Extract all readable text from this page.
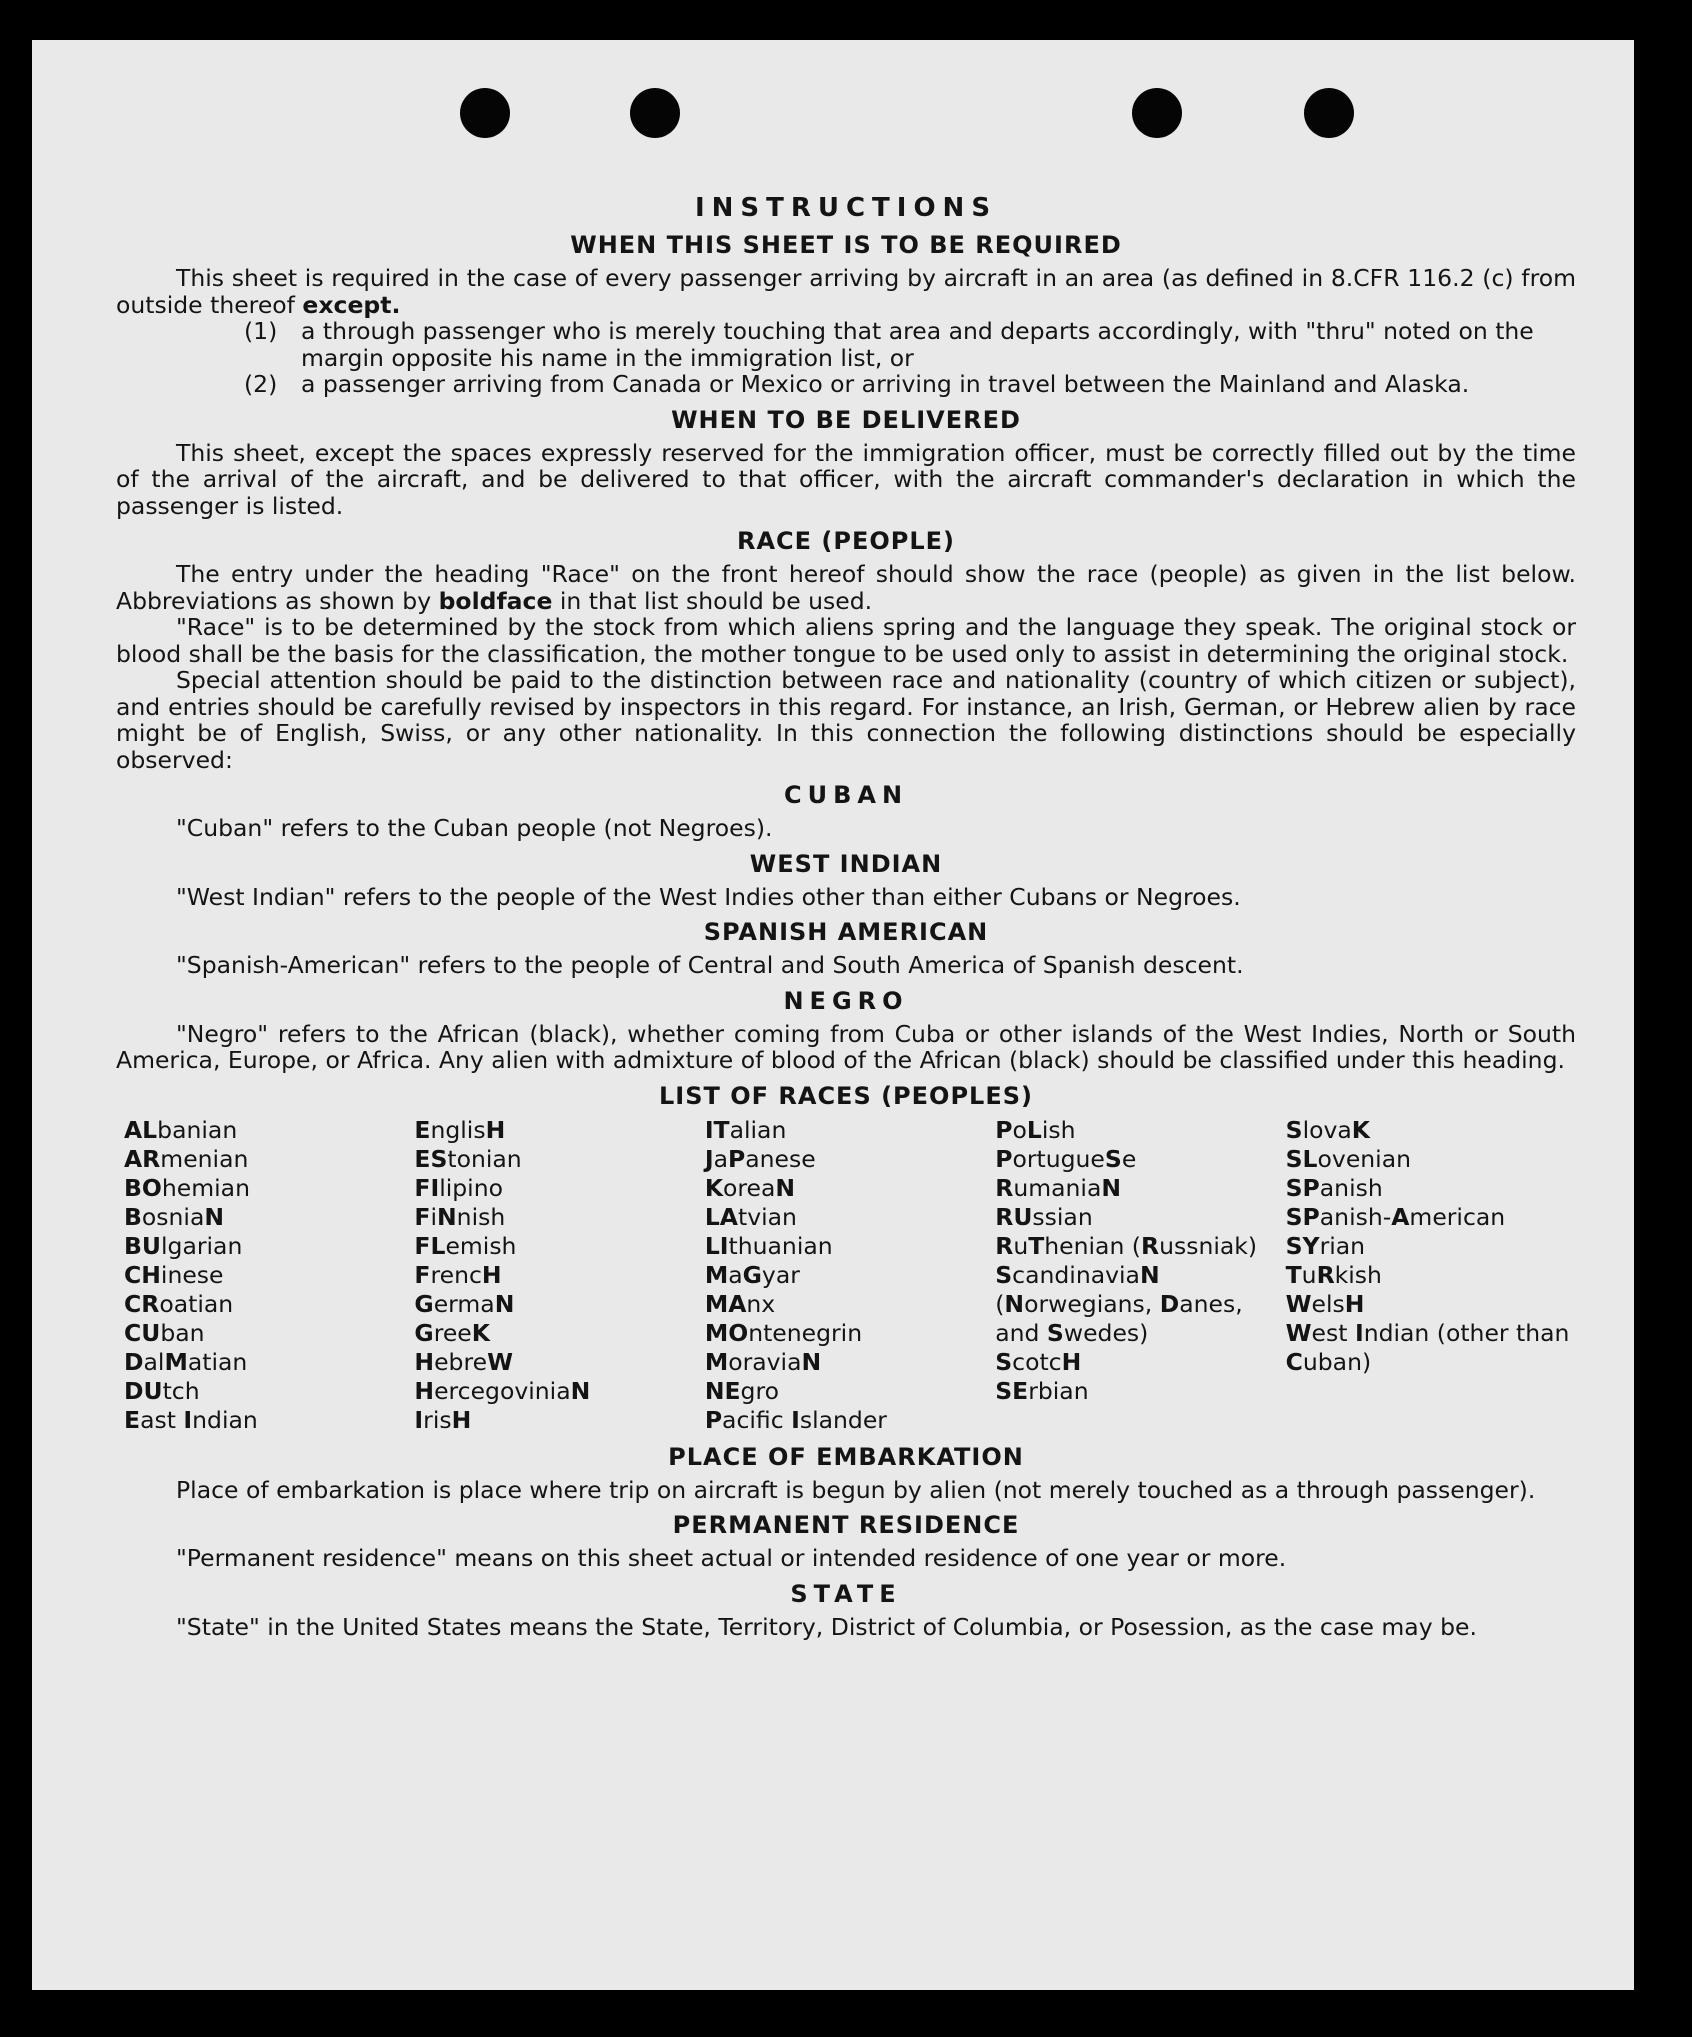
INSTRUCTIONS
WHEN THIS SHEET IS TO BE REQUIRED

This sheet is required in the case of every passenger arriving by aircraft in an area (as defined in 8.CFR 116.2 (c) from outside thereof except.

(1) a through passenger who is merely touching that area and departs accordingly, with "thru" noted on the margin opposite his name in the immigration list, or
(2) a passenger arriving from Canada or Mexico or arriving in travel between the Mainland and Alaska.
WHEN TO BE DELIVERED

This sheet, except the spaces expressly reserved for the immigration officer, must be correctly filled out by the time of the arrival of the aircraft, and be delivered to that officer, with the aircraft commander's declaration in which the passenger is listed.

RACE (PEOPLE)

The entry under the heading "Race" on the front hereof should show the race (people) as given in the list below. Abbreviations as shown by boldface in that list should be used.

"Race" is to be determined by the stock from which aliens spring and the language they speak. The original stock or blood shall be the basis for the classification, the mother tongue to be used only to assist in determining the original stock.

Special attention should be paid to the distinction between race and nationality (country of which citizen or subject), and entries should be carefully revised by inspectors in this regard. For instance, an Irish, German, or Hebrew alien by race might be of English, Swiss, or any other nationality. In this connection the following distinctions should be especially observed:

CUBAN

"Cuban" refers to the Cuban people (not Negroes).

WEST INDIAN

"West Indian" refers to the people of the West Indies other than either Cubans or Negroes.

SPANISH AMERICAN

"Spanish-American" refers to the people of Central and South America of Spanish descent.

NEGRO

"Negro" refers to the African (black), whether coming from Cuba or other islands of the West Indies, North or South America, Europe, or Africa. Any alien with admixture of blood of the African (black) should be classified under this heading.

LIST OF RACES (PEOPLES)
ALbanian
ARmenian
BOhemian
BosniaN
BUlgarian
CHinese
CRoatian
CUban
DalMatian
DUtch
East Indian
EnglisH
EStonian
FIlipino
FiNnish
FLemish
FrencH
GermaN
GreeK
HebreW
HercegoviniaN
IrisH
ITalian
JaPanese
KoreaN
LAtvian
LIthuanian
MaGyar
MAnx
MOntenegrin
MoraviaN
NEgro
Pacific Islander
PoLish
PortugueSe
RumaniaN
RUssian
RuThenian (Russniak)
ScandinaviaN (Norwegians, Danes, and Swedes)
ScotcH
SErbian
SlovaK
SLovenian
SPanish
SPanish-American
SYrian
TuRkish
WelsH
West Indian (other than Cuban)
PLACE OF EMBARKATION

Place of embarkation is place where trip on aircraft is begun by alien (not merely touched as a through passenger).

PERMANENT RESIDENCE

"Permanent residence" means on this sheet actual or intended residence of one year or more.

STATE

"State" in the United States means the State, Territory, District of Columbia, or Posession, as the case may be.
